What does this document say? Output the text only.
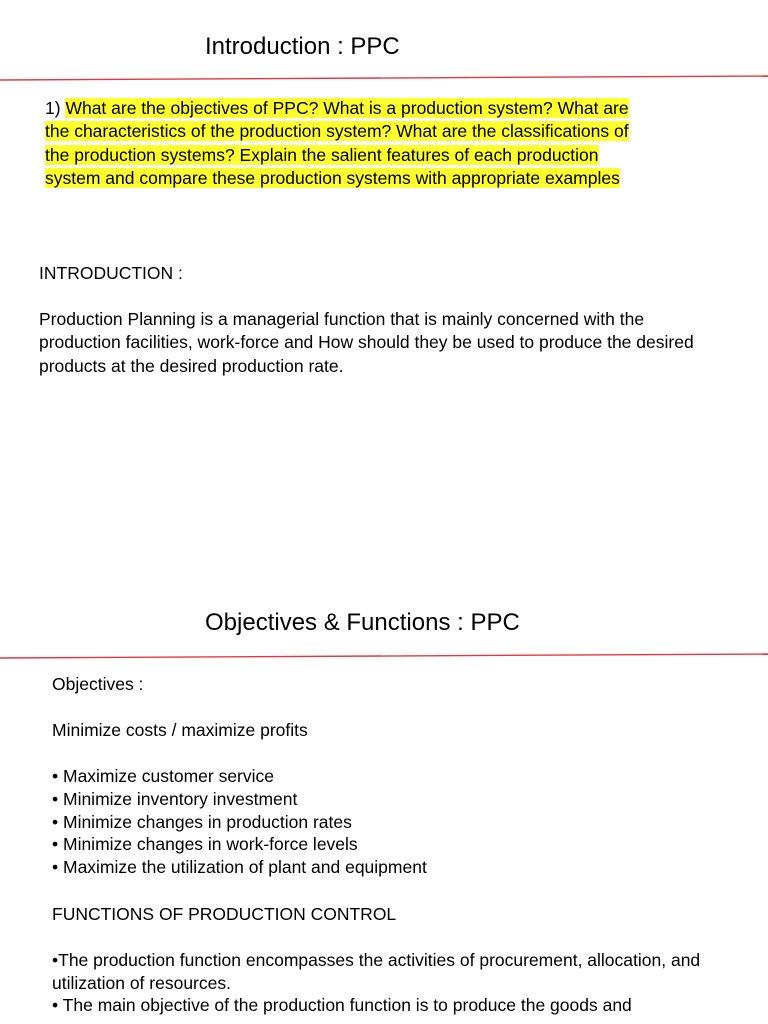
Introduction : PPC
1) What are the objectives of PPC? What is a production system? What are the characteristics of the production system? What are the classifications of the production systems? Explain the salient features of each production system and compare these production systems with appropriate examples
INTRODUCTION :
Production Planning is a managerial function that is mainly concerned with the production facilities, work-force and How should they be used to produce the desired products at the desired production rate.
Objectives & Functions : PPC
Objectives :
Minimize costs / maximize profits
• Maximize customer service
• Minimize inventory investment
• Minimize changes in production rates
• Minimize changes in work-force levels
• Maximize the utilization of plant and equipment
FUNCTIONS OF PRODUCTION CONTROL

•The production function encompasses the activities of procurement, allocation, and utilization of resources.

• The main objective of the production function is to produce the goods and
